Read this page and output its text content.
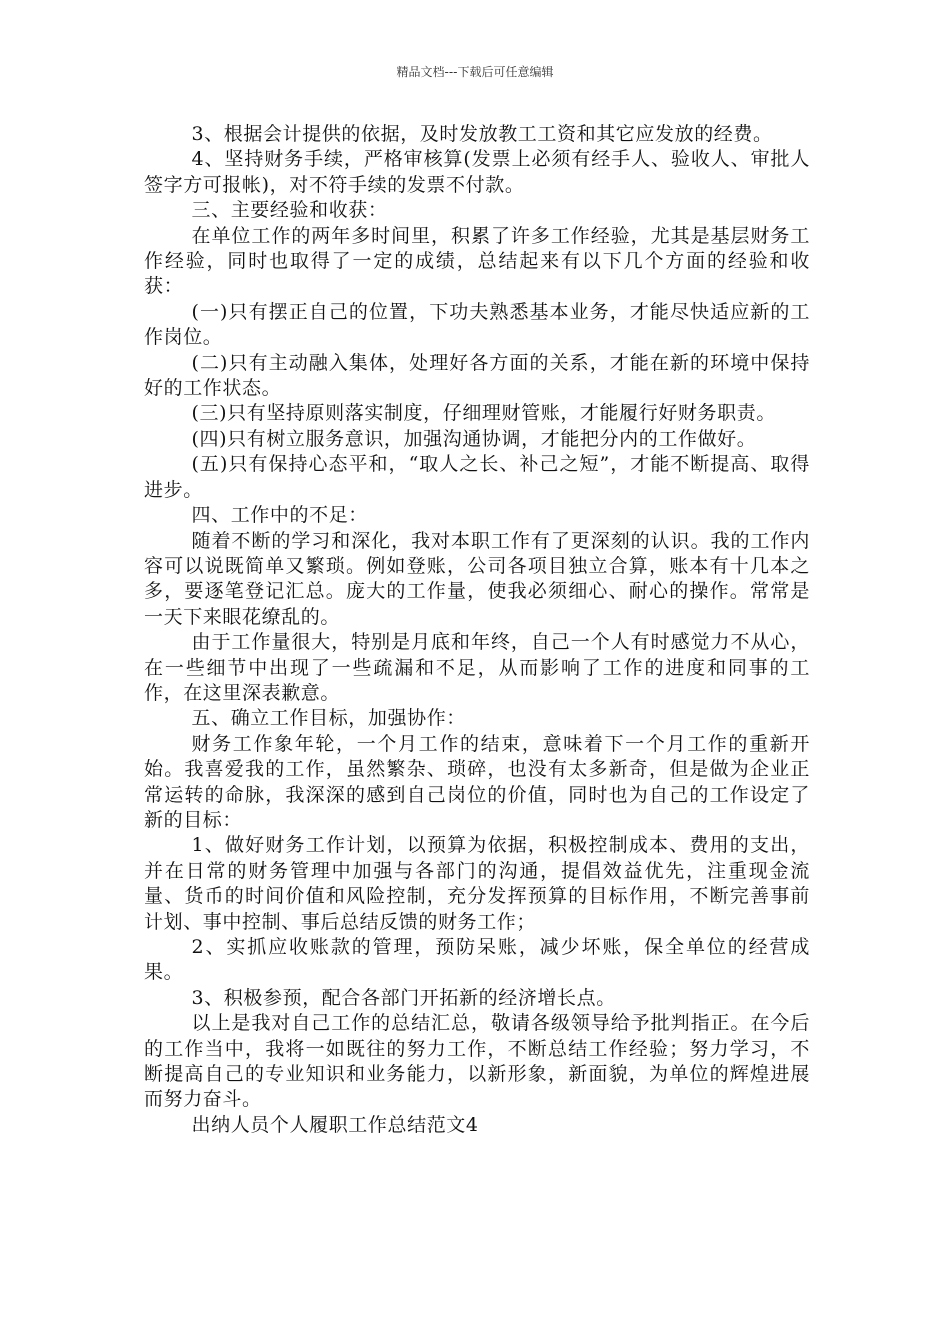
精品文档---下载后可任意编辑

3、根据会计提供的依据，及时发放教工工资和其它应发放的经费。

4、坚持财务手续，严格审核算(发票上必须有经手人、验收人、审批人签字方可报帐)，对不符手续的发票不付款。

三、主要经验和收获：

在单位工作的两年多时间里，积累了许多工作经验，尤其是基层财务工作经验，同时也取得了一定的成绩，总结起来有以下几个方面的经验和收获：

(一)只有摆正自己的位置，下功夫熟悉基本业务，才能尽快适应新的工作岗位。

(二)只有主动融入集体，处理好各方面的关系，才能在新的环境中保持好的工作状态。

(三)只有坚持原则落实制度，仔细理财管账，才能履行好财务职责。

(四)只有树立服务意识，加强沟通协调，才能把分内的工作做好。

(五)只有保持心态平和，“取人之长、补己之短”，才能不断提高、取得进步。

四、工作中的不足：

随着不断的学习和深化，我对本职工作有了更深刻的认识。我的工作内容可以说既简单又繁琐。例如登账，公司各项目独立合算，账本有十几本之多，要逐笔登记汇总。庞大的工作量，使我必须细心、耐心的操作。常常是一天下来眼花缭乱的。

由于工作量很大，特别是月底和年终，自己一个人有时感觉力不从心，在一些细节中出现了一些疏漏和不足，从而影响了工作的进度和同事的工作，在这里深表歉意。

五、确立工作目标，加强协作：

财务工作象年轮，一个月工作的结束，意味着下一个月工作的重新开始。我喜爱我的工作，虽然繁杂、琐碎，也没有太多新奇，但是做为企业正常运转的命脉，我深深的感到自己岗位的价值，同时也为自己的工作设定了新的目标：

1、做好财务工作计划，以预算为依据，积极控制成本、费用的支出，并在日常的财务管理中加强与各部门的沟通，提倡效益优先，注重现金流量、货币的时间价值和风险控制，充分发挥预算的目标作用，不断完善事前计划、事中控制、事后总结反馈的财务工作；

2、实抓应收账款的管理，预防呆账，减少坏账，保全单位的经营成果。

3、积极参预，配合各部门开拓新的经济增长点。

以上是我对自己工作的总结汇总，敬请各级领导给予批判指正。在今后的工作当中，我将一如既往的努力工作，不断总结工作经验；努力学习，不断提高自己的专业知识和业务能力，以新形象，新面貌，为单位的辉煌进展而努力奋斗。

出纳人员个人履职工作总结范文4
